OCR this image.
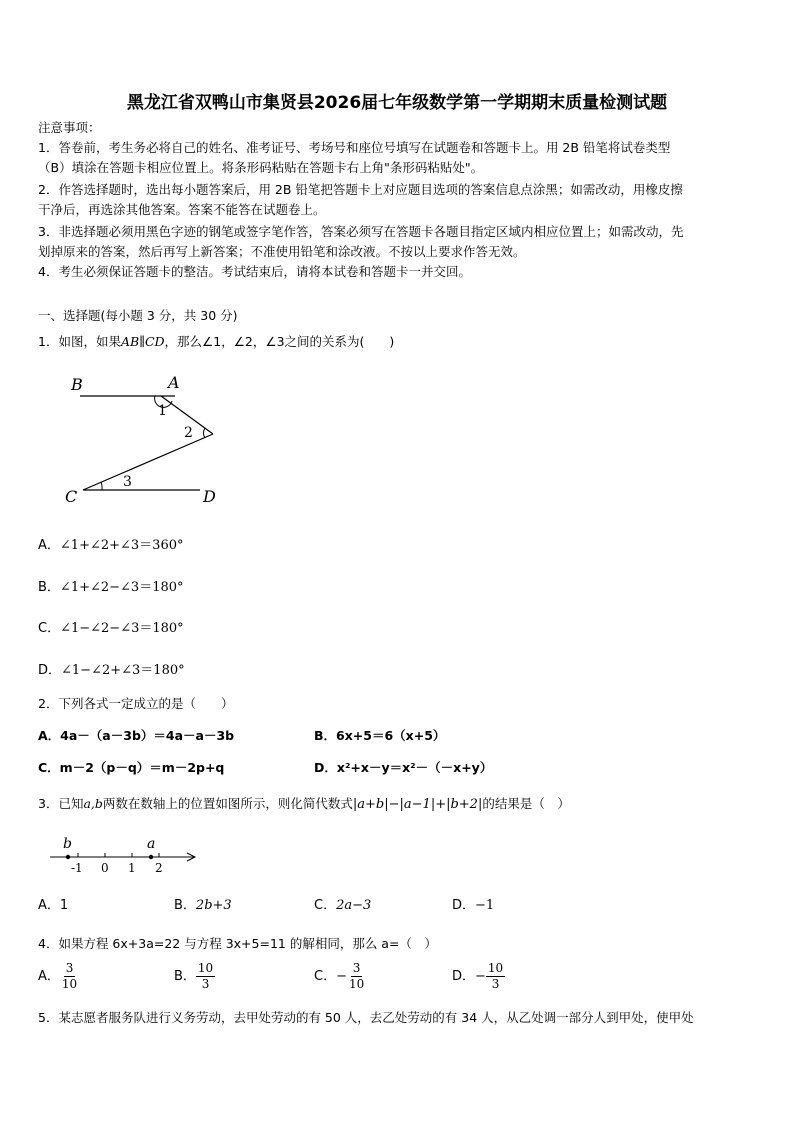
黑龙江省双鸭山市集贤县2026届七年级数学第一学期期末质量检测试题
注意事项：
1．答卷前，考生务必将自己的姓名、准考证号、考场号和座位号填写在试题卷和答题卡上。用 2B 铅笔将试卷类型
（B）填涂在答题卡相应位置上。将条形码粘贴在答题卡右上角"条形码粘贴处"。
2．作答选择题时，选出每小题答案后，用 2B 铅笔把答题卡上对应题目选项的答案信息点涂黑；如需改动，用橡皮擦
干净后，再选涂其他答案。答案不能答在试题卷上。
3．非选择题必须用黑色字迹的钢笔或签字笔作答，答案必须写在答题卡各题目指定区域内相应位置上；如需改动，先
划掉原来的答案，然后再写上新答案；不准使用铅笔和涂改液。不按以上要求作答无效。
4．考生必须保证答题卡的整洁。考试结束后，请将本试卷和答题卡一并交回。
一、选择题(每小题 3 分，共 30 分)
1．如图，如果AB∥CD，那么∠1，∠2，∠3之间的关系为(　　)
B	A
C	D
1
2
3
A．∠1+∠2+∠3＝360°
B．∠1+∠2−∠3＝180°
C．∠1−∠2−∠3＝180°
D．∠1−∠2+∠3＝180°
2．下列各式一定成立的是（　　）
A．4a－（a－3b）＝4a－a－3b	B．6x+5＝6（x+5）
C．m－2（p－q）＝m－2p+q	D．x²+x－y＝x²－（－x+y）
3．已知a,b两数在数轴上的位置如图所示，则化简代数式|a+b|−|a−1|+|b+2|的结果是（　）
b	a
-1 0 1 2
A．1	B．2b+3	C．2a−3	D．−1
4．如果方程 6x+3a=22 与方程 3x+5=11 的解相同，那么 a=（　）
A． $\frac{3}{10}$	B． $\frac{10}{3}$	C．− $\frac{3}{10}$	D．− $\frac{10}{3}$
5．某志愿者服务队进行义务劳动，去甲处劳动的有 50 人，去乙处劳动的有 34 人，从乙处调一部分人到甲处，使甲处
